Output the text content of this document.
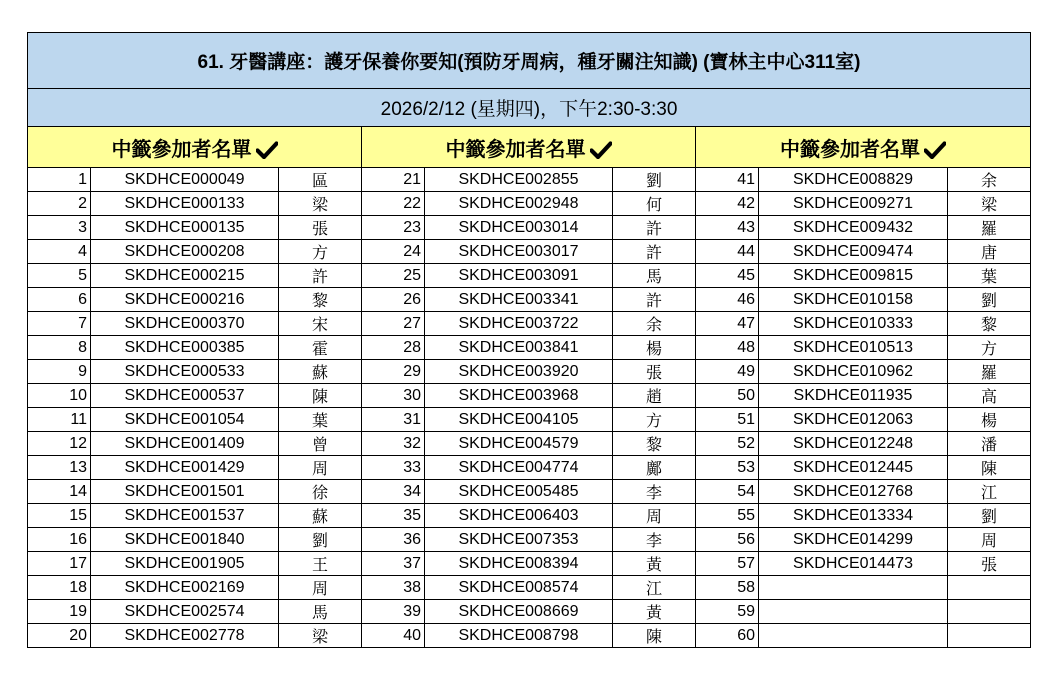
61. 牙醫講座：護牙保養你要知(預防牙周病，種牙關注知識) (寶林主中心311室)								
2026/2/12 (星期四)，下午2:30-3:30								
中籤參加者名單			中籤參加者名單			中籤參加者名單		
1	SKDHCE000049	區	21	SKDHCE002855	劉	41	SKDHCE008829	余
2	SKDHCE000133	梁	22	SKDHCE002948	何	42	SKDHCE009271	梁
3	SKDHCE000135	張	23	SKDHCE003014	許	43	SKDHCE009432	羅
4	SKDHCE000208	方	24	SKDHCE003017	許	44	SKDHCE009474	唐
5	SKDHCE000215	許	25	SKDHCE003091	馬	45	SKDHCE009815	葉
6	SKDHCE000216	黎	26	SKDHCE003341	許	46	SKDHCE010158	劉
7	SKDHCE000370	宋	27	SKDHCE003722	余	47	SKDHCE010333	黎
8	SKDHCE000385	霍	28	SKDHCE003841	楊	48	SKDHCE010513	方
9	SKDHCE000533	蘇	29	SKDHCE003920	張	49	SKDHCE010962	羅
10	SKDHCE000537	陳	30	SKDHCE003968	趙	50	SKDHCE011935	高
11	SKDHCE001054	葉	31	SKDHCE004105	方	51	SKDHCE012063	楊
12	SKDHCE001409	曾	32	SKDHCE004579	黎	52	SKDHCE012248	潘
13	SKDHCE001429	周	33	SKDHCE004774	鄺	53	SKDHCE012445	陳
14	SKDHCE001501	徐	34	SKDHCE005485	李	54	SKDHCE012768	江
15	SKDHCE001537	蘇	35	SKDHCE006403	周	55	SKDHCE013334	劉
16	SKDHCE001840	劉	36	SKDHCE007353	李	56	SKDHCE014299	周
17	SKDHCE001905	王	37	SKDHCE008394	黃	57	SKDHCE014473	張
18	SKDHCE002169	周	38	SKDHCE008574	江	58		
19	SKDHCE002574	馬	39	SKDHCE008669	黃	59		
20	SKDHCE002778	梁	40	SKDHCE008798	陳	60		
